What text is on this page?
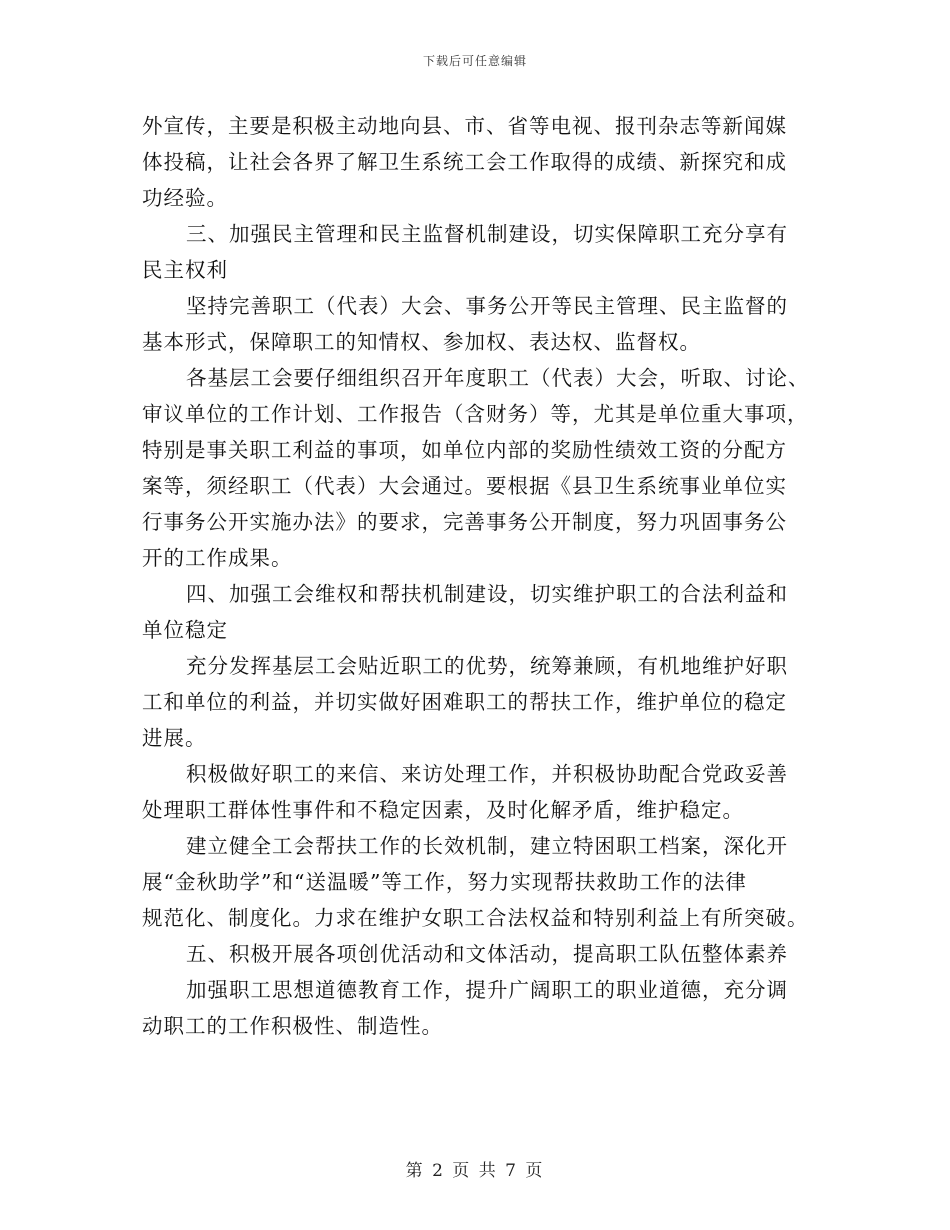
下载后可任意编辑
外宣传，主要是积极主动地向县、市、省等电视、报刊杂志等新闻媒
体投稿，让社会各界了解卫生系统工会工作取得的成绩、新探究和成
功经验。
三、加强民主管理和民主监督机制建设，切实保障职工充分享有
民主权利
坚持完善职工（代表）大会、事务公开等民主管理、民主监督的
基本形式，保障职工的知情权、参加权、表达权、监督权。
各基层工会要仔细组织召开年度职工（代表）大会，听取、讨论、
审议单位的工作计划、工作报告（含财务）等，尤其是单位重大事项，
特别是事关职工利益的事项，如单位内部的奖励性绩效工资的分配方
案等，须经职工（代表）大会通过。要根据《县卫生系统事业单位实
行事务公开实施办法》的要求，完善事务公开制度，努力巩固事务公
开的工作成果。
四、加强工会维权和帮扶机制建设，切实维护职工的合法利益和
单位稳定
充分发挥基层工会贴近职工的优势，统筹兼顾，有机地维护好职
工和单位的利益，并切实做好困难职工的帮扶工作，维护单位的稳定
进展。
积极做好职工的来信、来访处理工作，并积极协助配合党政妥善
处理职工群体性事件和不稳定因素，及时化解矛盾，维护稳定。
建立健全工会帮扶工作的长效机制，建立特困职工档案，深化开
展“金秋助学”和“送温暖”等工作，努力实现帮扶救助工作的法律
规范化、制度化。力求在维护女职工合法权益和特别利益上有所突破。
五、积极开展各项创优活动和文体活动，提高职工队伍整体素养
加强职工思想道德教育工作，提升广阔职工的职业道德，充分调
动职工的工作积极性、制造性。
第 2 页 共 7 页
